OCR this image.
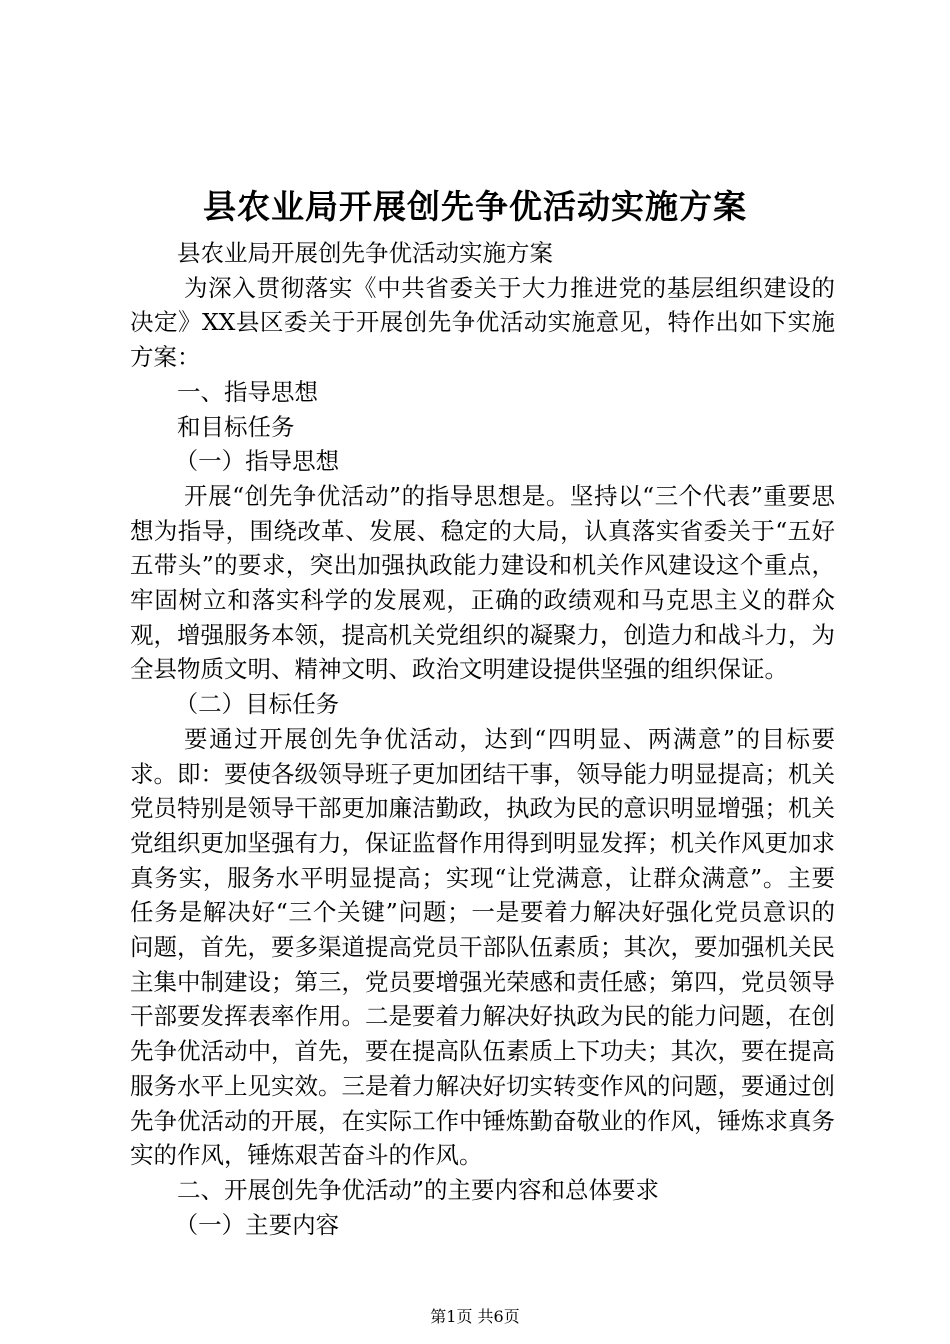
县农业局开展创先争优活动实施方案

县农业局开展创先争优活动实施方案

为深入贯彻落实《中共省委关于大力推进党的基层组织建设的决定》XX县区委关于开展创先争优活动实施意见，特作出如下实施方案：

一、指导思想

和目标任务

（一）指导思想

开展“创先争优活动”的指导思想是。坚持以“三个代表”重要思想为指导，围绕改革、发展、稳定的大局，认真落实省委关于“五好五带头”的要求，突出加强执政能力建设和机关作风建设这个重点，牢固树立和落实科学的发展观，正确的政绩观和马克思主义的群众观，增强服务本领，提高机关党组织的凝聚力，创造力和战斗力，为全县物质文明、精神文明、政治文明建设提供坚强的组织保证。

（二）目标任务

要通过开展创先争优活动，达到“四明显、两满意”的目标要求。即：要使各级领导班子更加团结干事，领导能力明显提高；机关党员特别是领导干部更加廉洁勤政，执政为民的意识明显增强；机关党组织更加坚强有力，保证监督作用得到明显发挥；机关作风更加求真务实，服务水平明显提高；实现“让党满意，让群众满意”。主要任务是解决好“三个关键”问题；一是要着力解决好强化党员意识的问题，首先，要多渠道提高党员干部队伍素质；其次，要加强机关民主集中制建设；第三，党员要增强光荣感和责任感；第四，党员领导干部要发挥表率作用。二是要着力解决好执政为民的能力问题，在创先争优活动中，首先，要在提高队伍素质上下功夫；其次，要在提高服务水平上见实效。三是着力解决好切实转变作风的问题，要通过创先争优活动的开展，在实际工作中锤炼勤奋敬业的作风，锤炼求真务实的作风，锤炼艰苦奋斗的作风。

二、开展创先争优活动”的主要内容和总体要求

（一）主要内容

第1页 共6页
